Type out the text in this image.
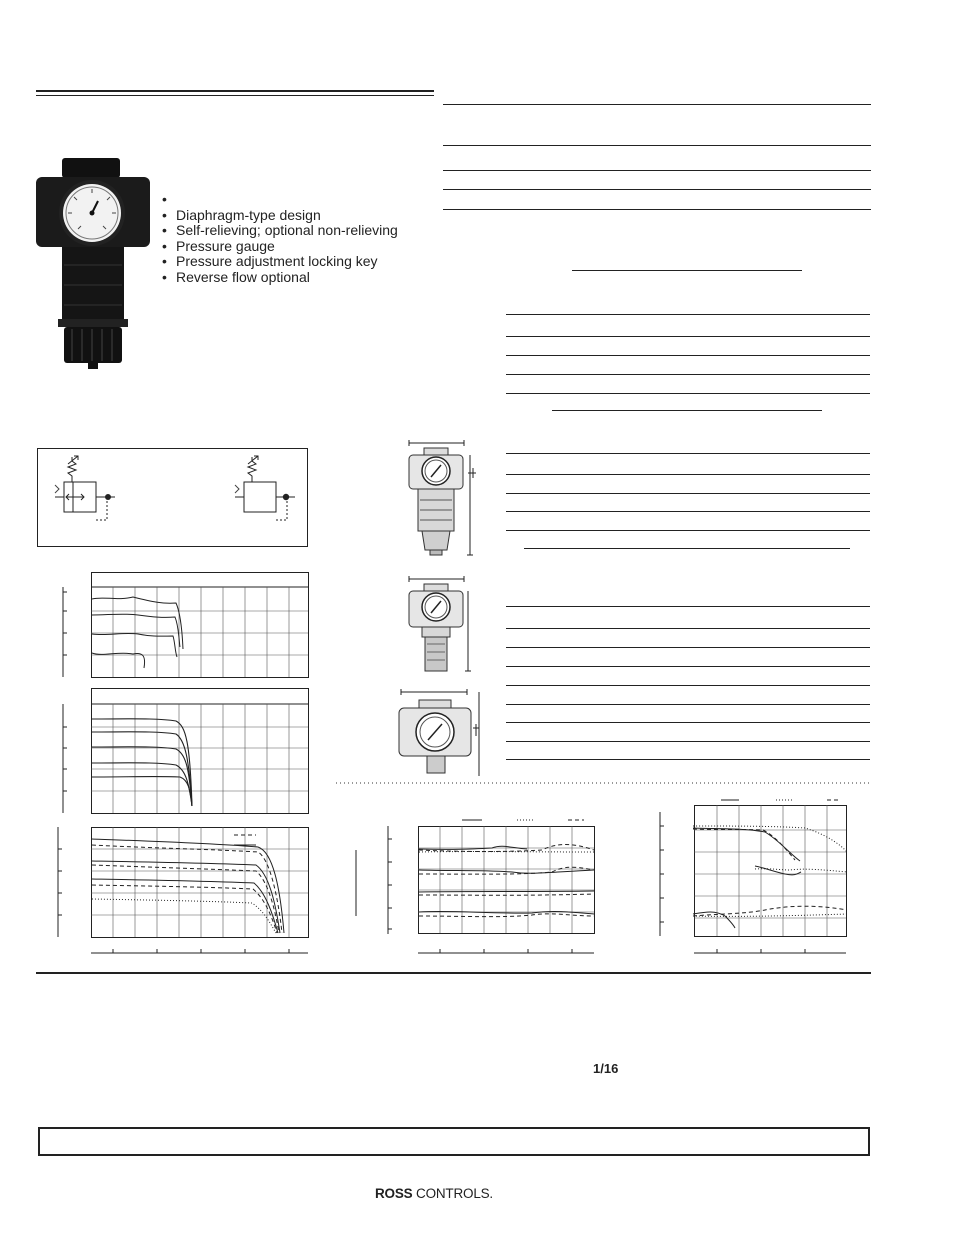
•
• Diaphragm-type design
• Self-relieving; optional non-relieving
• Pressure gauge
• Pressure adjustment locking key
• Reverse flow optional
1/16
ROSS CONTROLS.
